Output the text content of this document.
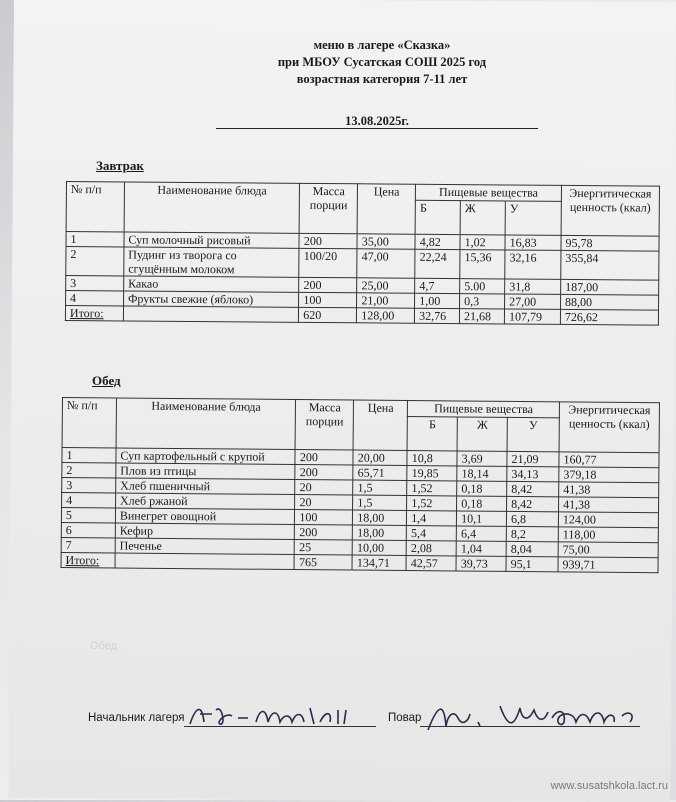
меню в лагере «Сказка»
при МБОУ Сусатская СОШ 2025 год
возрастная категория 7-11 лет
13.08.2025г.
Завтрак
№ п/п	Наименование блюда	Масса порции	Цена	Пищевые вещества			Энергитическая ценность (ккал)
				Б	Ж	У	
1	Суп молочный рисовый	200	35,00	4,82	1,02	16,83	95,78
2	Пудинг из творога со сгущённым молоком	100/20	47,00	22,24	15,36	32,16	355,84
3	Какао	200	25,00	4,7	5.00	31,8	187,00
4	Фрукты свежие (яблоко)	100	21,00	1,00	0,3	27,00	88,00
Итого:		620	128,00	32,76	21,68	107,79	726,62
Обед
№ п/п	Наименование блюда	Масса порции	Цена	Пищевые вещества			Энергитическая ценность (ккал)
				Б	Ж	У	
1	Суп картофельный с крупой	200	20,00	10,8	3,69	21,09	160,77
2	Плов из птицы	200	65,71	19,85	18,14	34,13	379,18
3	Хлеб пшеничный	20	1,5	1,52	0,18	8,42	41,38
4	Хлеб ржаной	20	1,5	1,52	0,18	8,42	41,38
5	Винегрет овощной	100	18,00	1,4	10,1	6,8	124,00
6	Кефир	200	18,00	5,4	6,4	8,2	118,00
7	Печенье	25	10,00	2,08	1,04	8,04	75,00
Итого:		765	134,71	42,57	39,73	95,1	939,71
Обед
Начальник лагеря	Повар
www.susatshkola.lact.ru
